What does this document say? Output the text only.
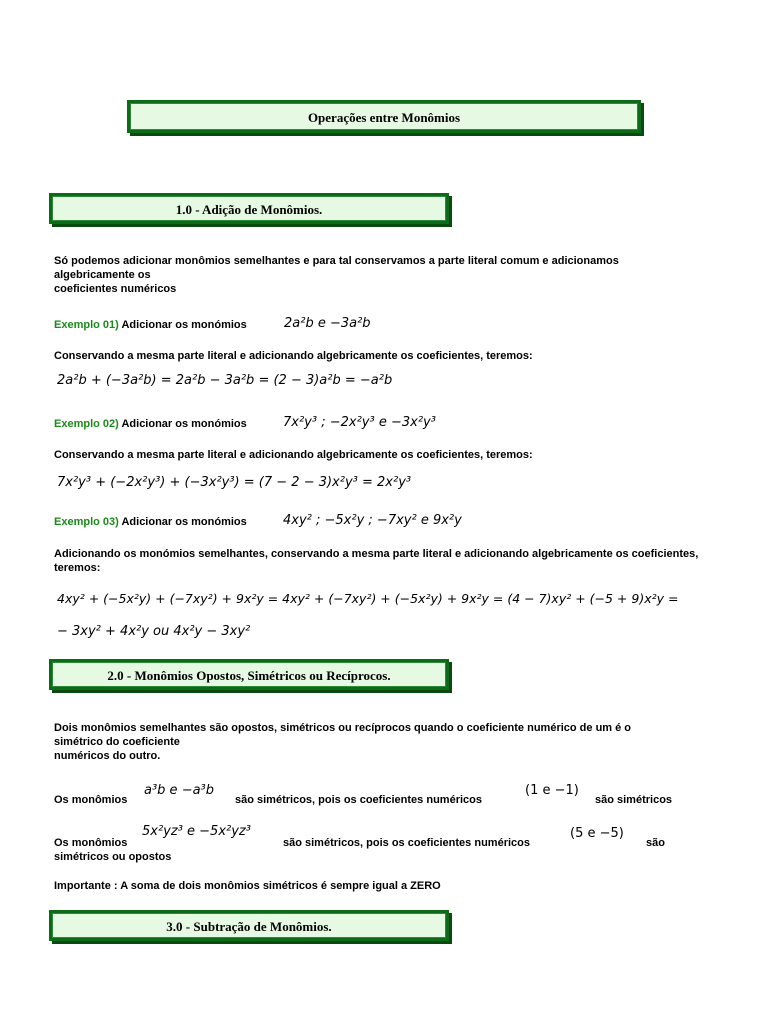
Operações entre Monômios
1.0 - Adição de Monômios.
Só podemos adicionar monômios semelhantes e para tal conservamos a parte literal comum e adicionamos
algebricamente os
coeficientes numéricos
Exemplo 01) Adicionar os monómios	2a²b e −3a²b
Conservando a mesma parte literal e adicionando algebricamente os coeficientes, teremos:
2a²b + (−3a²b) = 2a²b − 3a²b = (2 − 3)a²b = −a²b
Exemplo 02) Adicionar os monómios	7x²y³ ; −2x²y³ e −3x²y³
Conservando a mesma parte literal e adicionando algebricamente os coeficientes, teremos:
7x²y³ + (−2x²y³) + (−3x²y³) = (7 − 2 − 3)x²y³ = 2x²y³
Exemplo 03) Adicionar os monómios	4xy² ; −5x²y ; −7xy² e 9x²y
Adicionando os monómios semelhantes, conservando a mesma parte literal e adicionando algebricamente os coeficientes,
teremos:
4xy² + (−5x²y) + (−7xy²) + 9x²y = 4xy² + (−7xy²) + (−5x²y) + 9x²y = (4 − 7)xy² + (−5 + 9)x²y =
− 3xy² + 4x²y ou 4x²y − 3xy²
2.0 - Monômios Opostos, Simétricos ou Recíprocos.
Dois monômios semelhantes são opostos, simétricos ou recíprocos quando o coeficiente numérico de um é o
simétrico do coeficiente
numéricos do outro.
Os monômios
a³b e −a³b
são simétricos, pois os coeficientes numéricos
(1 e −1)
são simétricos
Os monômios
5x²yz³ e −5x²yz³
são simétricos, pois os coeficientes numéricos
(5 e −5)
são
simétricos ou opostos
Importante : A soma de dois monômios simétricos é sempre igual a ZERO
3.0 - Subtração de Monômios.
